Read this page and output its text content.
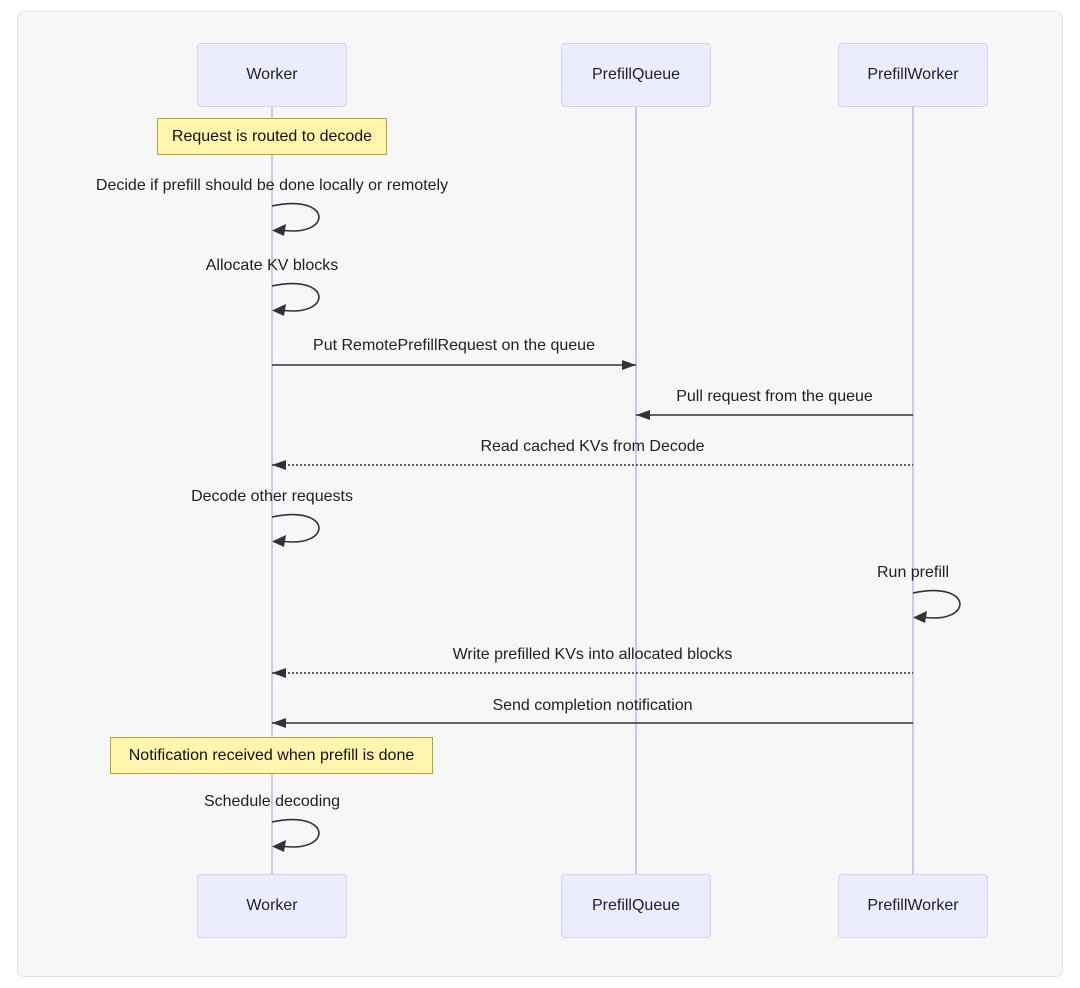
Worker
Worker
PrefillQueue
PrefillQueue
PrefillWorker
PrefillWorker
Decide if prefill should be done locally or remotely
Allocate KV blocks
Put RemotePrefillRequest on the queue
Pull request from the queue
Read cached KVs from Decode
Decode other requests
Run prefill
Write prefilled KVs into allocated blocks
Send completion notification
Schedule decoding
Request is routed to decode
Notification received when prefill is done
